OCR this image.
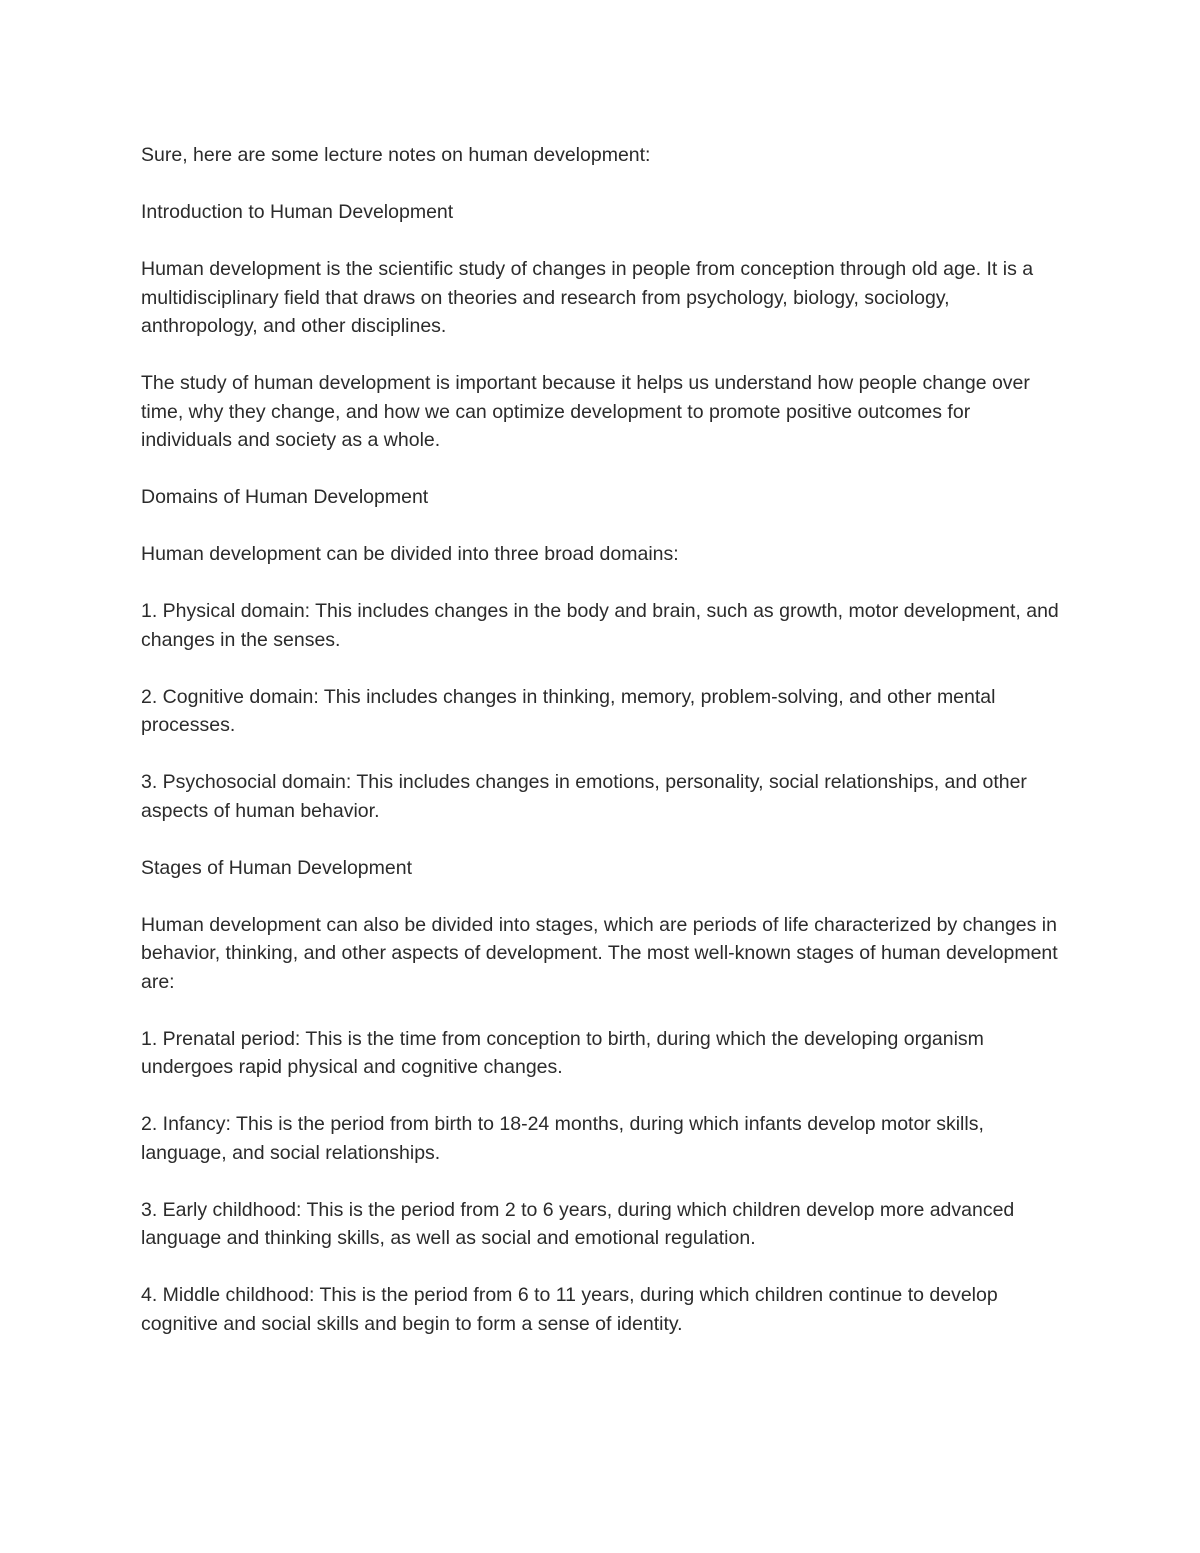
Sure, here are some lecture notes on human development:

Introduction to Human Development

Human development is the scientific study of changes in people from conception through old age. It is a multidisciplinary field that draws on theories and research from psychology, biology, sociology, anthropology, and other disciplines.

The study of human development is important because it helps us understand how people change over time, why they change, and how we can optimize development to promote positive outcomes for individuals and society as a whole.

Domains of Human Development

Human development can be divided into three broad domains:

1. Physical domain: This includes changes in the body and brain, such as growth, motor development, and changes in the senses.

2. Cognitive domain: This includes changes in thinking, memory, problem-solving, and other mental processes.

3. Psychosocial domain: This includes changes in emotions, personality, social relationships, and other aspects of human behavior.

Stages of Human Development

Human development can also be divided into stages, which are periods of life characterized by changes in behavior, thinking, and other aspects of development. The most well-known stages of human development are:

1. Prenatal period: This is the time from conception to birth, during which the developing organism undergoes rapid physical and cognitive changes.

2. Infancy: This is the period from birth to 18-24 months, during which infants develop motor skills, language, and social relationships.

3. Early childhood: This is the period from 2 to 6 years, during which children develop more advanced language and thinking skills, as well as social and emotional regulation.

4. Middle childhood: This is the period from 6 to 11 years, during which children continue to develop cognitive and social skills and begin to form a sense of identity.
